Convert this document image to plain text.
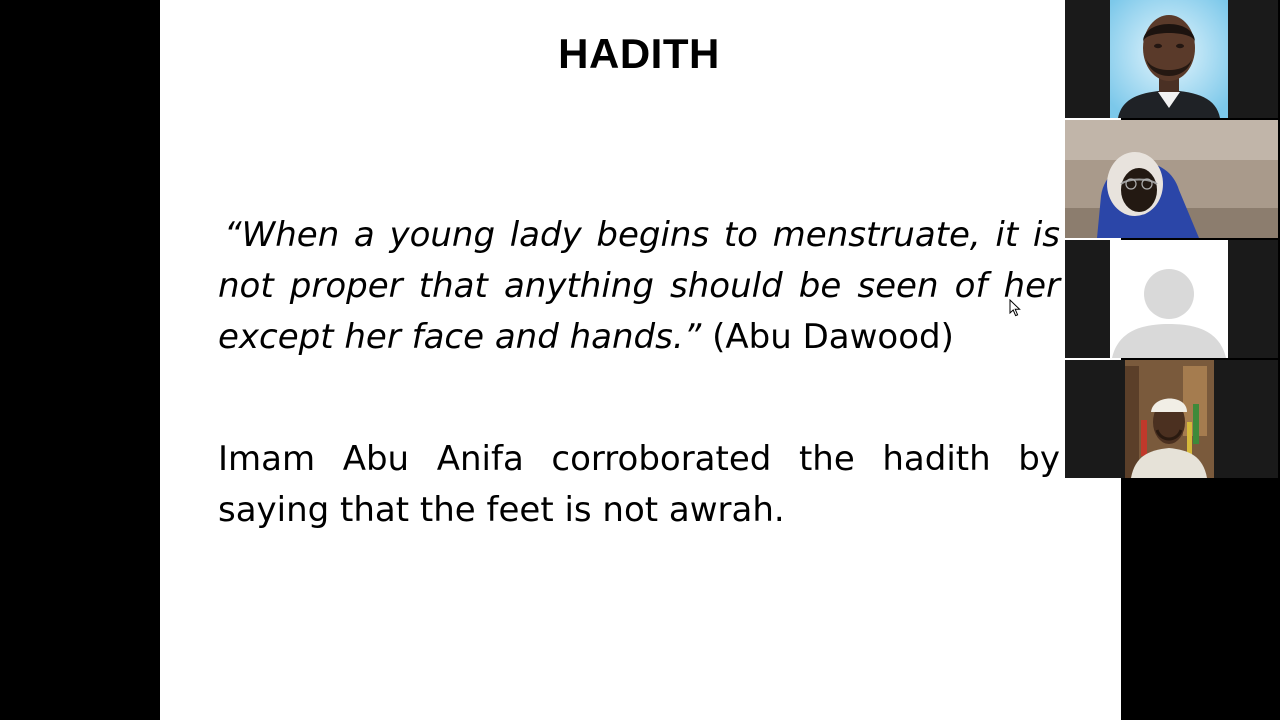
HADITH

“When a young lady begins to menstruate, it is not proper that anything should be seen of her except her face and hands.” (Abu Dawood)

Imam Abu Anifa corroborated the hadith by saying that the feet is not awrah.
